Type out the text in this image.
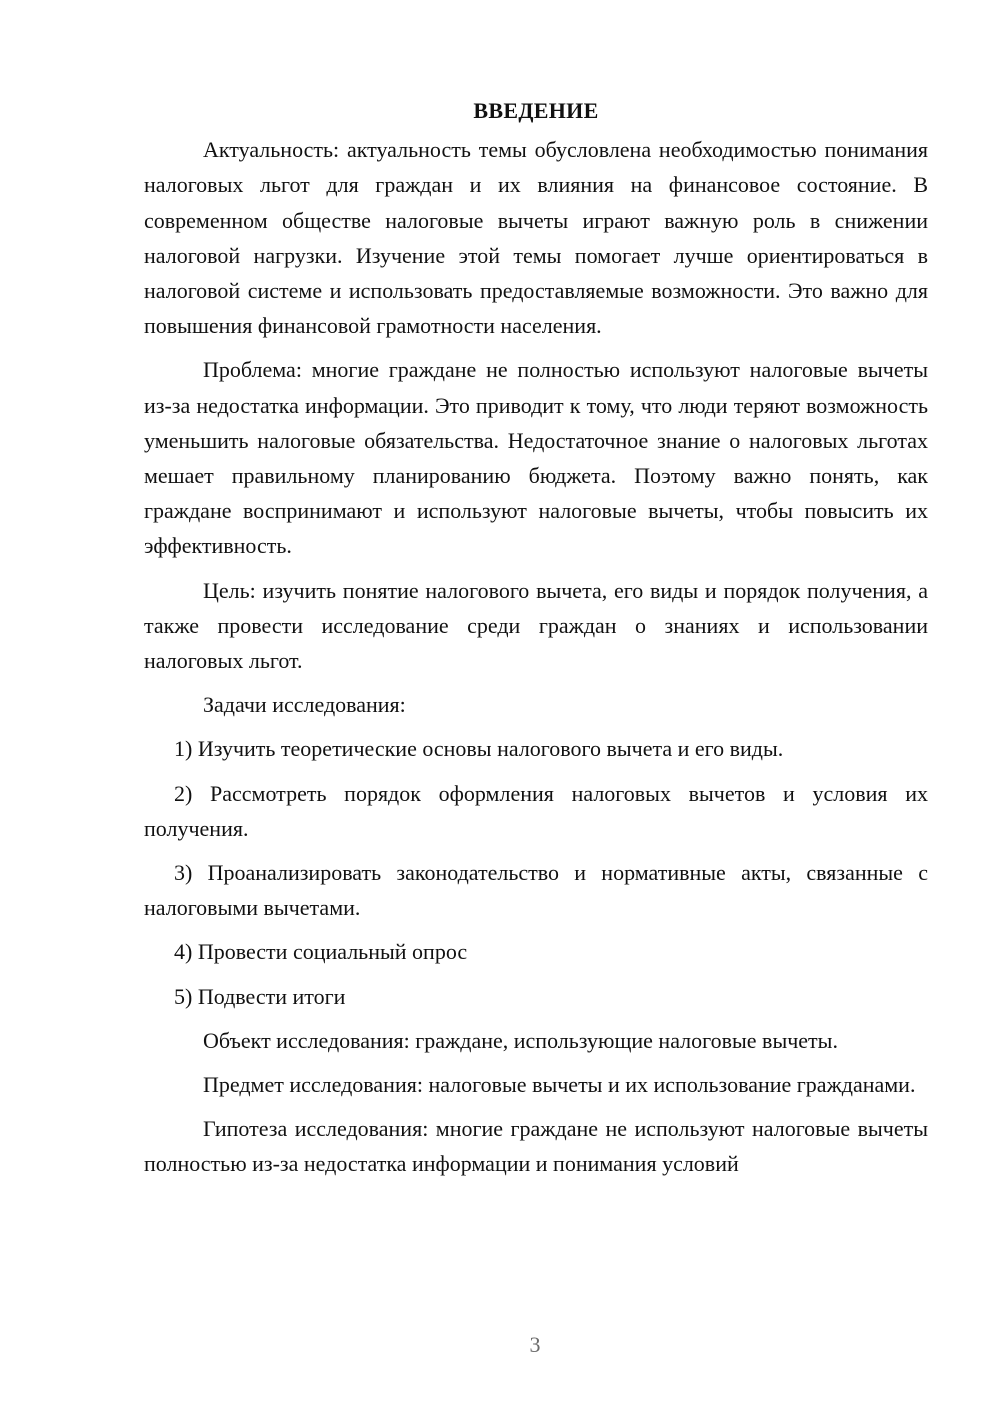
ВВЕДЕНИЕ

Актуальность: актуальность темы обусловлена необходимостью понимания налоговых льгот для граждан и их влияния на финансовое состояние. В современном обществе налоговые вычеты играют важную роль в снижении налоговой нагрузки. Изучение этой темы помогает лучше ориентироваться в налоговой системе и использовать предоставляемые возможности. Это важно для повышения финансовой грамотности населения.

Проблема: многие граждане не полностью используют налоговые вычеты из-за недостатка информации. Это приводит к тому, что люди теряют возможность уменьшить налоговые обязательства. Недостаточное знание о налоговых льготах мешает правильному планированию бюджета. Поэтому важно понять, как граждане воспринимают и используют налоговые вычеты, чтобы повысить их эффективность.

Цель: изучить понятие налогового вычета, его виды и порядок получения, а также провести исследование среди граждан о знаниях и использовании налоговых льгот.

Задачи исследования:

1) Изучить теоретические основы налогового вычета и его виды.

2) Рассмотреть порядок оформления налоговых вычетов и условия их получения.

3) Проанализировать законодательство и нормативные акты, связанные с налоговыми вычетами.

4) Провести социальный опрос

5) Подвести итоги

Объект исследования: граждане, использующие налоговые вычеты.

Предмет исследования: налоговые вычеты и их использование гражданами.

Гипотеза исследования: многие граждане не используют налоговые вычеты полностью из-за недостатка информации и понимания условий

3
